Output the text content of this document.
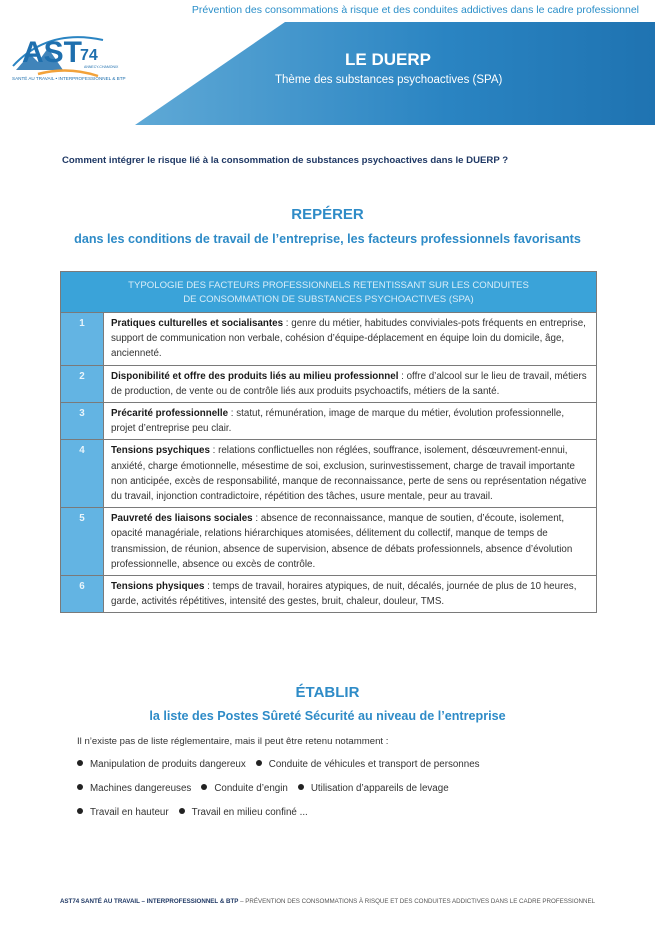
Prévention des consommations à risque et des conduites addictives dans le cadre professionnel
AST
74
ANNECY-CHAMONIX
SANTÉ AU TRAVAIL • INTERPROFESSIONNEL & BTP
LE DUERP
Thème des substances psychoactives (SPA)
Comment intégrer le risque lié à la consommation de substances psychoactives dans le DUERP ?
REPÉRER
dans les conditions de travail de l’entreprise, les facteurs professionnels favorisants
TYPOLOGIE DES FACTEURS PROFESSIONNELS RETENTISSANT SUR LES CONDUITES
DE CONSOMMATION DE SUBSTANCES PSYCHOACTIVES (SPA)	
1	Pratiques culturelles et socialisantes : genre du métier, habitudes conviviales-pots fréquents en entreprise, support de communication non verbale, cohésion d’équipe-déplacement en équipe loin du domicile, âge, ancienneté.
2	Disponibilité et offre des produits liés au milieu professionnel : offre d’alcool sur le lieu de travail, métiers de production, de vente ou de contrôle liés aux produits psychoactifs, métiers de la santé.
3	Précarité professionnelle : statut, rémunération, image de marque du métier, évolution professionnelle, projet d’entreprise peu clair.
4	Tensions psychiques : relations conflictuelles non réglées, souffrance, isolement, désœuvrement-ennui, anxiété, charge émotionnelle, mésestime de soi, exclusion, surinvestissement, charge de travail importante non anticipée, excès de responsabilité, manque de reconnaissance, perte de sens ou représentation négative du travail, injonction contradictoire, répétition des tâches, usure mentale, peur au travail.
5	Pauvreté des liaisons sociales : absence de reconnaissance, manque de soutien, d’écoute, isolement, opacité managériale, relations hiérarchiques atomisées, délitement du collectif, manque de temps de transmission, de réunion, absence de supervision, absence de débats professionnels, absence d’évolution professionnelle, absence ou excès de contrôle.
6	Tensions physiques : temps de travail, horaires atypiques, de nuit, décalés, journée de plus de 10 heures, garde, activités répétitives, intensité des gestes, bruit, chaleur, douleur, TMS.
ÉTABLIR
la liste des Postes Sûreté Sécurité au niveau de l’entreprise
Il n’existe pas de liste réglementaire, mais il peut être retenu notamment :
Manipulation de produits dangereux Conduite de véhicules et transport de personnes
Machines dangereuses Conduite d’engin Utilisation d’appareils de levage
Travail en hauteur Travail en milieu confiné ...
AST74 SANTÉ AU TRAVAIL – INTERPROFESSIONNEL & BTP – PRÉVENTION DES CONSOMMATIONS À RISQUE ET DES CONDUITES ADDICTIVES DANS LE CADRE PROFESSIONNEL
